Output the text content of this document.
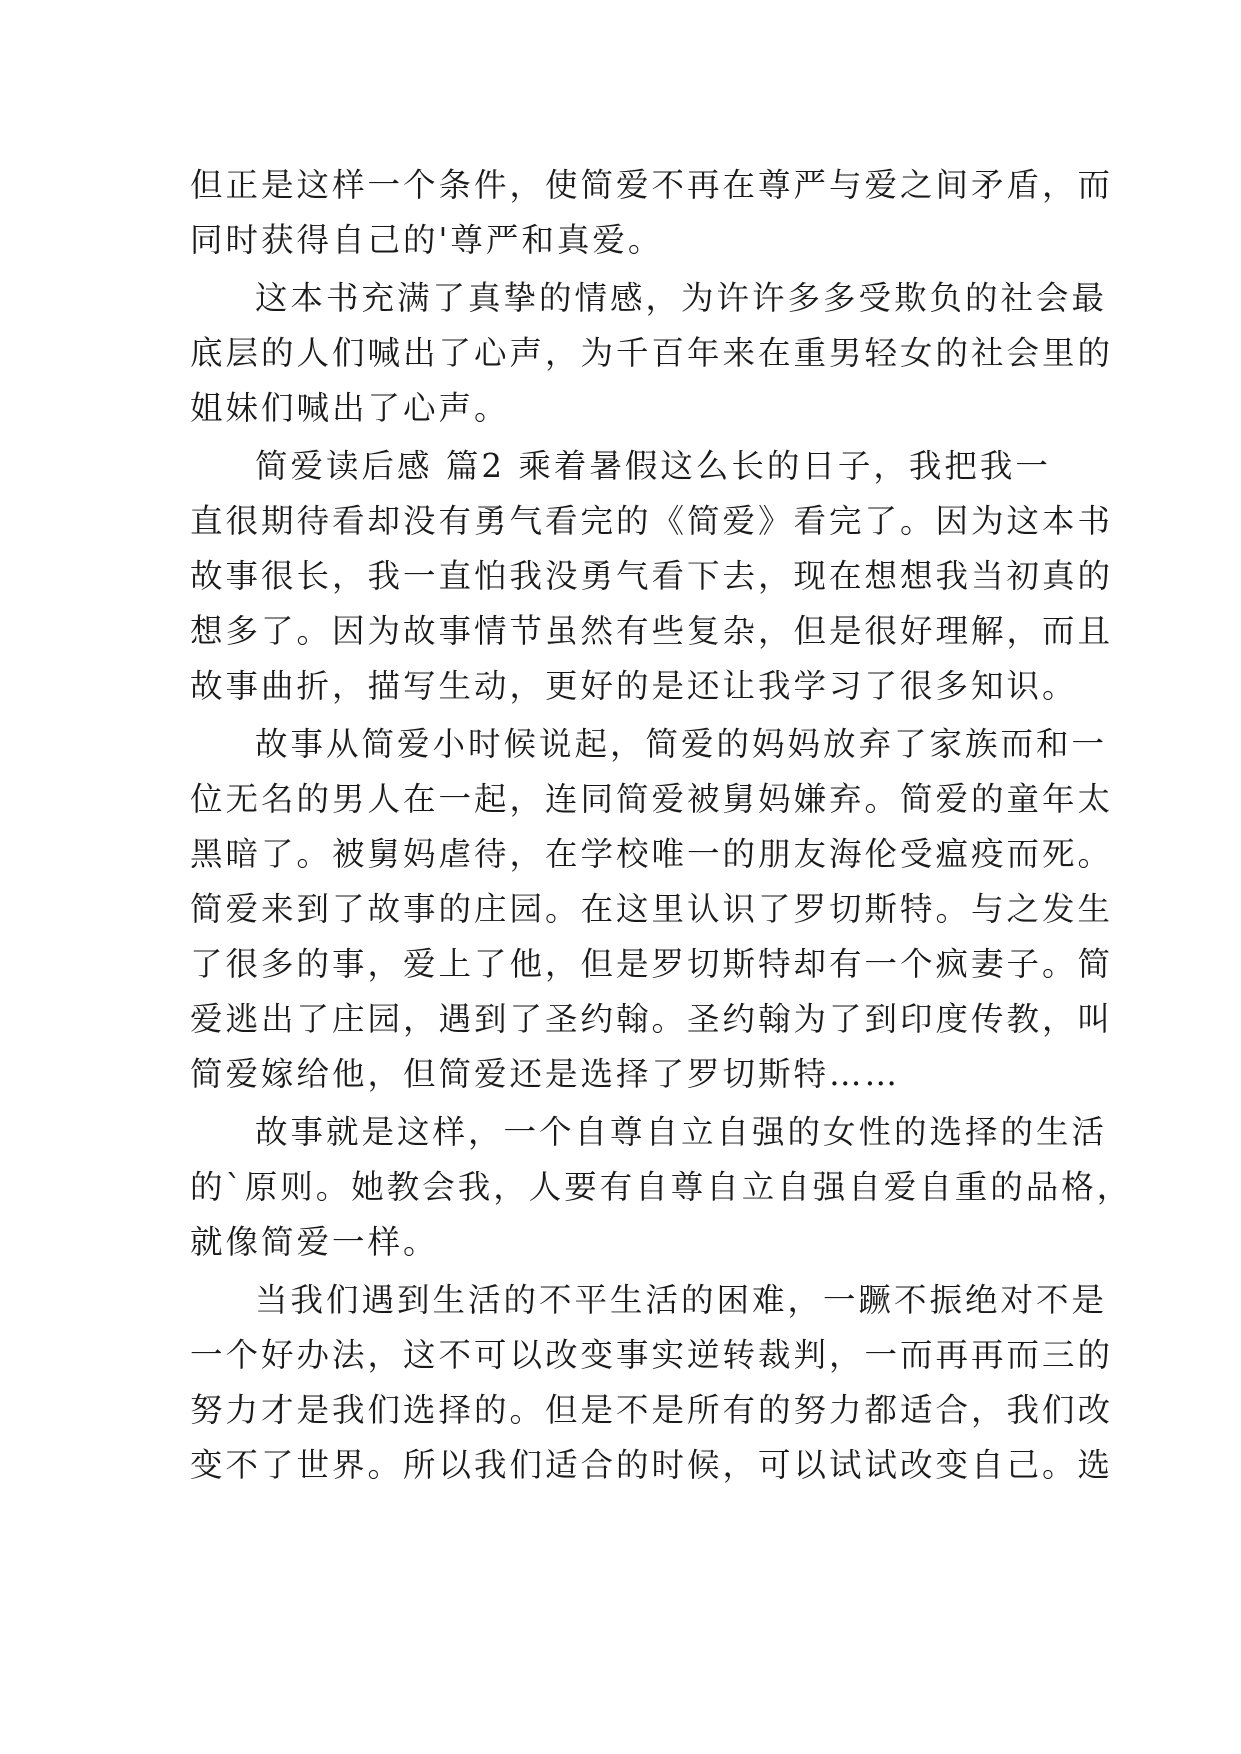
但正是这样一个条件，使简爱不再在尊严与爱之间矛盾，而
同时获得自己的'尊严和真爱。
这本书充满了真挚的情感，为许许多多受欺负的社会最
底层的人们喊出了心声，为千百年来在重男轻女的社会里的
姐妹们喊出了心声。
简爱读后感 篇2 乘着暑假这么长的日子，我把我一
直很期待看却没有勇气看完的《简爱》看完了。因为这本书
故事很长，我一直怕我没勇气看下去，现在想想我当初真的
想多了。因为故事情节虽然有些复杂，但是很好理解，而且
故事曲折，描写生动，更好的是还让我学习了很多知识。
故事从简爱小时候说起，简爱的妈妈放弃了家族而和一
位无名的男人在一起，连同简爱被舅妈嫌弃。简爱的童年太
黑暗了。被舅妈虐待，在学校唯一的朋友海伦受瘟疫而死。
简爱来到了故事的庄园。在这里认识了罗切斯特。与之发生
了很多的事，爱上了他，但是罗切斯特却有一个疯妻子。简
爱逃出了庄园，遇到了圣约翰。圣约翰为了到印度传教，叫
简爱嫁给他，但简爱还是选择了罗切斯特……
故事就是这样，一个自尊自立自强的女性的选择的生活
的`原则。她教会我，人要有自尊自立自强自爱自重的品格，
就像简爱一样。
当我们遇到生活的不平生活的困难，一蹶不振绝对不是
一个好办法，这不可以改变事实逆转裁判，一而再再而三的
努力才是我们选择的。但是不是所有的努力都适合，我们改
变不了世界。所以我们适合的时候，可以试试改变自己。选
